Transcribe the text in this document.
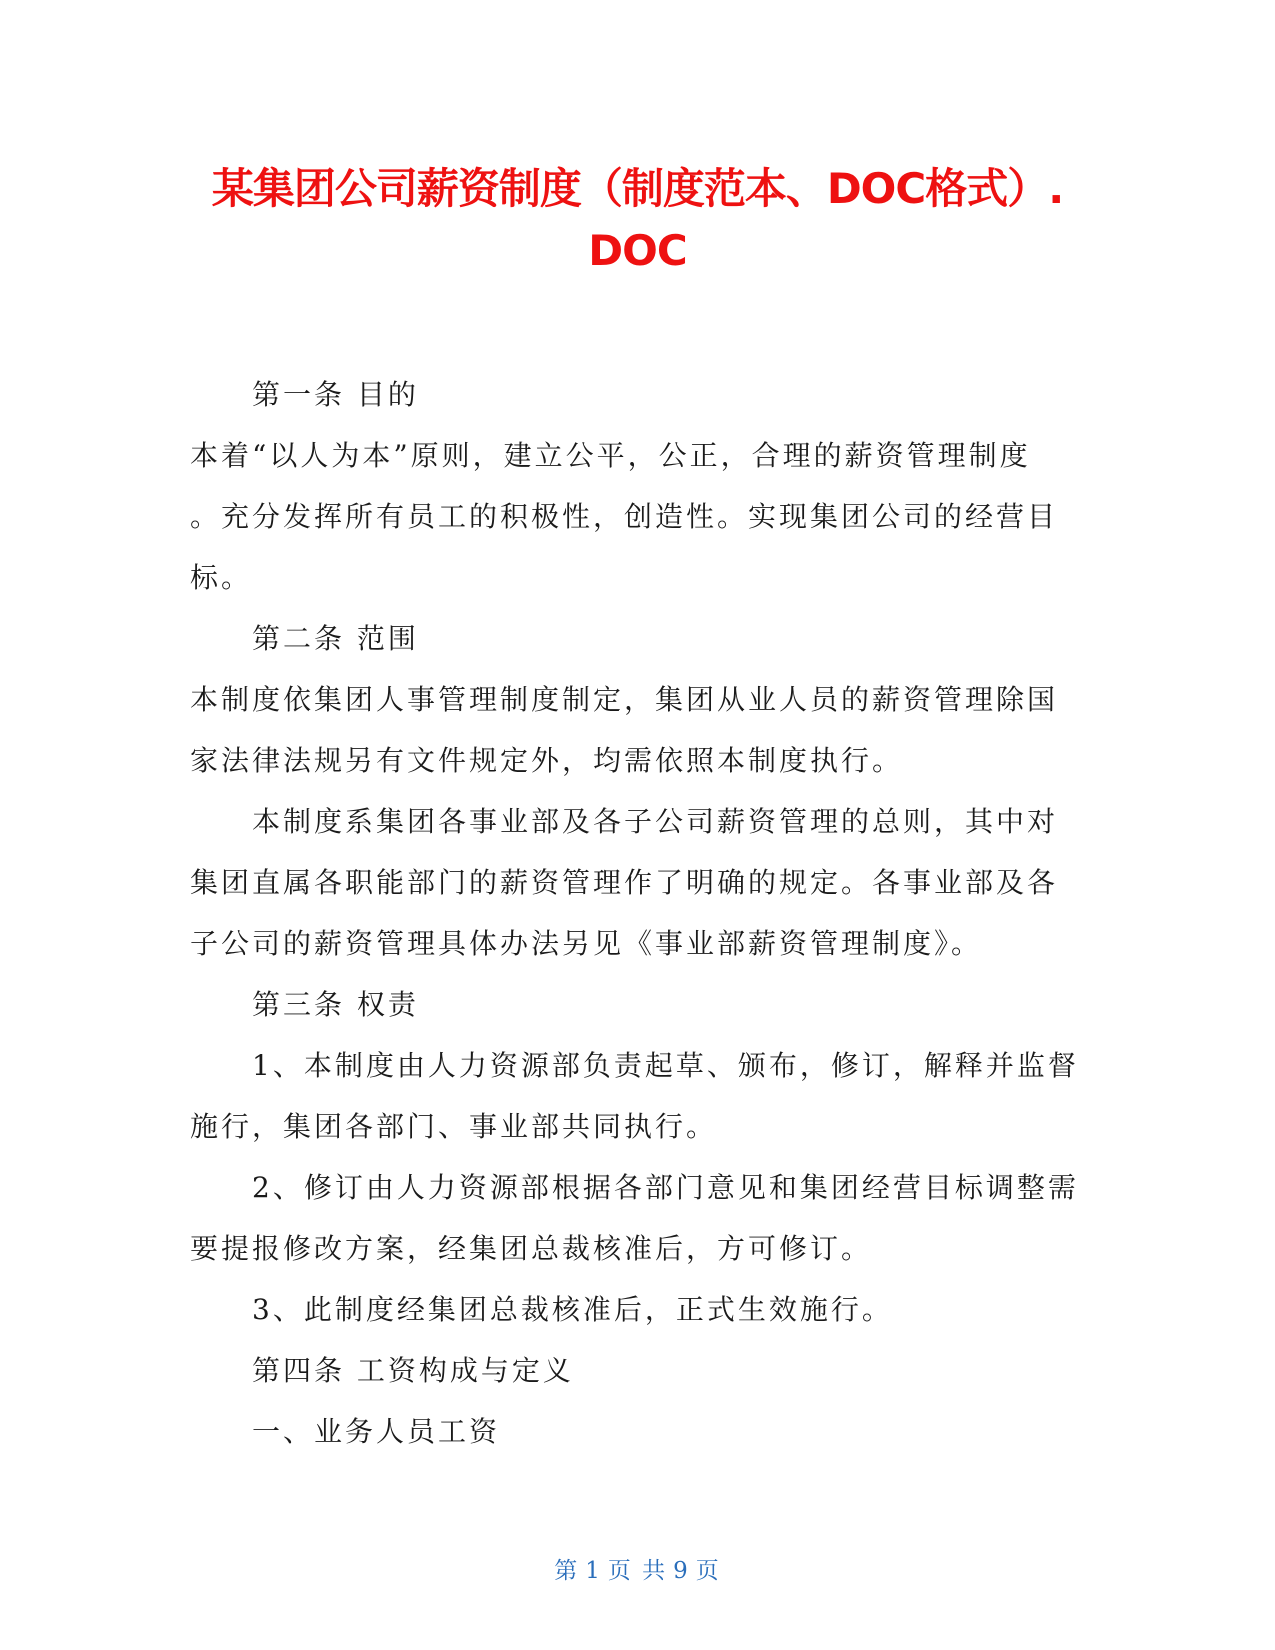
某集团公司薪资制度（制度范本、DOC格式）.
DOC
第一条 目的
本着“以人为本”原则，建立公平，公正，合理的薪资管理制度
。充分发挥所有员工的积极性，创造性。实现集团公司的经营目
标。
第二条 范围
本制度依集团人事管理制度制定，集团从业人员的薪资管理除国
家法律法规另有文件规定外，均需依照本制度执行。
本制度系集团各事业部及各子公司薪资管理的总则，其中对
集团直属各职能部门的薪资管理作了明确的规定。各事业部及各
子公司的薪资管理具体办法另见《事业部薪资管理制度》。
第三条 权责
1、本制度由人力资源部负责起草、颁布，修订，解释并监督
施行，集团各部门、事业部共同执行。
2、修订由人力资源部根据各部门意见和集团经营目标调整需
要提报修改方案，经集团总裁核准后，方可修订。
3、此制度经集团总裁核准后，正式生效施行。
第四条 工资构成与定义
一、业务人员工资
第 1 页 共 9 页
